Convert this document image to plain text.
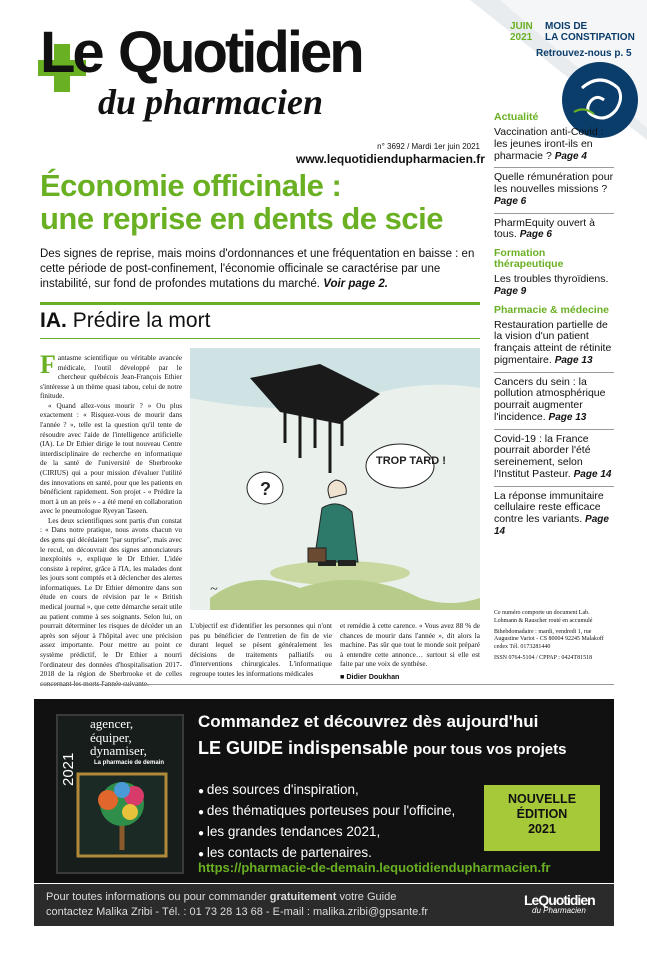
Le Quotidien
du pharmacien
n° 3692 / Mardi 1er juin 2021
www.lequotidiendupharmacien.fr
JUIN
2021
MOIS DE
LA CONSTIPATION
Retrouvez-nous p. 5
Économie officinale :
une reprise en dents de scie
Des signes de reprise, mais moins d'ordonnances et une fréquentation en baisse : en cette période de post-confinement, l'économie officinale se caractérise par une instabilité, sur fond de profondes mutations du marché. Voir page 2.
IA. Prédire la mort

Fantasme scientifique ou véritable avancée médicale, l'outil développé par le chercheur québécois Jean-François Ethier s'intéresse à un thème quasi tabou, celui de notre finitude.

« Quand allez-vous mourir ? » Ou plus exactement : « Risquez-vous de mourir dans l'année ? », telle est la question qu'il tente de résoudre avec l'aide de l'intelligence artificielle (IA). Le Dr Ethier dirige le tout nouveau Centre interdisciplinaire de recherche en informatique de la santé de l'université de Sherbrooke (CIRIUS) qui a pour mission d'évaluer l'utilité des innovations en santé, pour que les patients en bénéficient rapidement. Son projet - « Prédire la mort à un an près » - a été mené en collaboration avec le pneumologue Ryeyan Taseen.

Les deux scientifiques sont partis d'un constat : « Dans notre pratique, nous avons chacun vu des gens qui décédaient "par surprise", mais avec le recul, on découvrait des signes annonciateurs inexploités », explique le Dr Ethier. L'idée consiste à repérer, grâce à l'IA, les malades dont les jours sont comptés et à déclencher des alertes informatiques. Le Dr Ethier démontre dans son étude en cours de révision par le « British medical journal », que cette démarche serait utile au patient comme à ses soignants. Selon lui, on pourrait déterminer les risques de décéder un an après son séjour à l'hôpital avec une précision assez importante. Pour mettre au point ce système prédictif, le Dr Ethier a nourri l'ordinateur des données d'hospitalisation 2017-2018 de la région de Sherbrooke et de celles

?
TROP TARD !
~
L'objectif est d'identifier les personnes qui n'ont pas pu bénéficier de l'entretien de fin de vie durant lequel se pèsent généralement les décisions de traitements palliatifs ou d'interventions chirurgicales. L'informatique regroupe toutes les informations médicales
et remédie à cette carence. « Vous avez 88 % de chances de mourir dans l'année », dit alors la machine. Pas sûr que tout le monde soit préparé à entendre cette annonce… surtout si elle est faite par une voix de synthèse.
■ Didier Doukhan
Actualité
Vaccination anti-Covid : les jeunes iront-ils en pharmacie ? Page 4
Quelle rémunération pour les nouvelles missions ? Page 6
PharmEquity ouvert à tous. Page 6
Formation thérapeutique
Les troubles thyroïdiens. Page 9
Pharmacie & médecine
Restauration partielle de la vision d'un patient français atteint de rétinite pigmentaire. Page 13
Cancers du sein : la pollution atmosphérique pourrait augmenter l'incidence. Page 13
Covid-19 : la France pourrait aborder l'été sereinement, selon l'Institut Pasteur. Page 14
La réponse immunitaire cellulaire reste efficace contre les variants. Page 14

Ce numéro comporte un document Lab. Lohmann & Rauscher routé en accumulé

Bihebdomadaire : mardi, vendredi 1, rue Augustine Variot - CS 80004 92245 Malakoff cedex Tél. 0173281440

ISSN 0764-5104 / CPPAP : 0424T81518

2021
agencer,
équiper,
dynamiser,
La pharmacie de demain
Commandez et découvrez dès aujourd'hui
LE GUIDE indispensable pour tous vos projets
● des sources d'inspiration,
● des thématiques porteuses pour l'officine,
● les grandes tendances 2021,
● les contacts de partenaires.
https://pharmacie-de-demain.lequotidiendupharmacien.fr
NOUVELLE
ÉDITION
2021
Pour toutes informations ou pour commander gratuitement votre Guide
contactez Malika Zribi - Tél. : 01 73 28 13 68 - E-mail : malika.zribi@gpsante.fr
LeQuotidien
du Pharmacien
